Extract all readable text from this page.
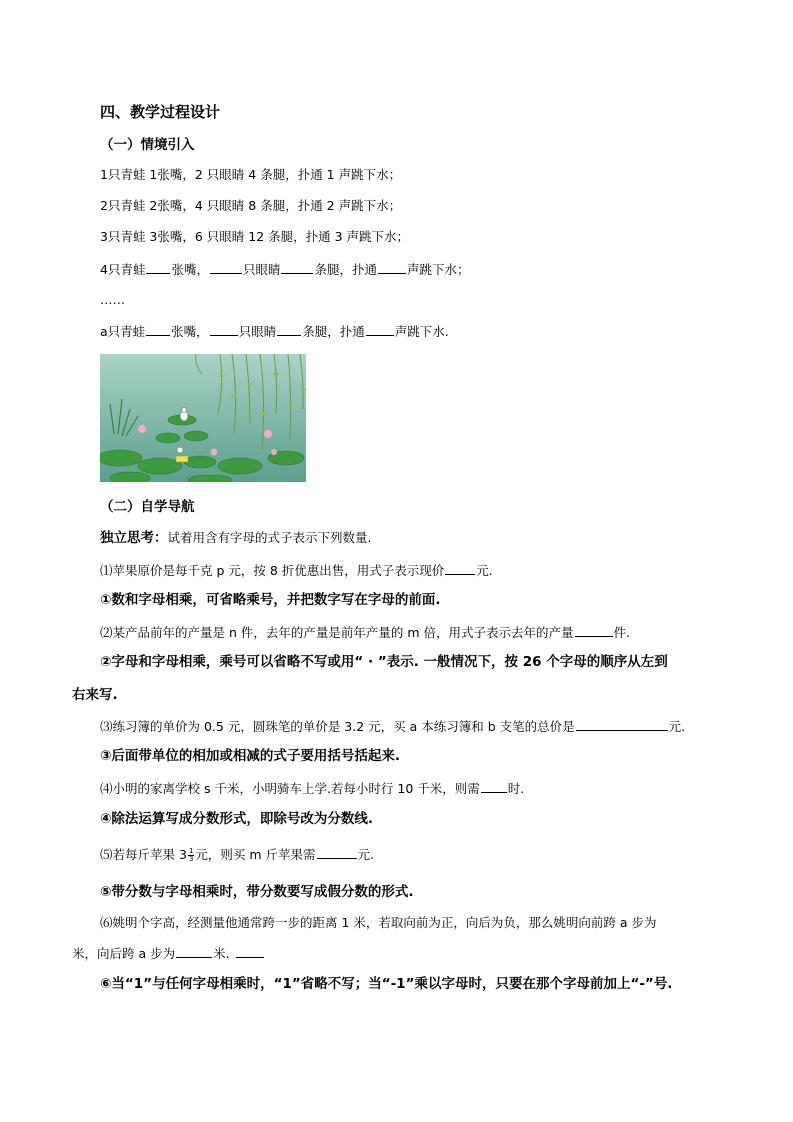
四、教学过程设计
（一）情境引入
1只青蛙 1张嘴，2 只眼睛 4 条腿，扑通 1 声跳下水；
2只青蛙 2张嘴，4 只眼睛 8 条腿，扑通 2 声跳下水；
3只青蛙 3张嘴，6 只眼睛 12 条腿，扑通 3 声跳下水；
4只青蛙 张嘴，	只眼睛	条腿，扑通 声跳下水；
……
a只青蛙 张嘴， 只眼睛 条腿，扑通 声跳下水.
（二）自学导航
独立思考：试着用含有字母的式子表示下列数量.
⑴苹果原价是每千克 p 元，按 8 折优惠出售，用式子表示现价	元.
①数和字母相乘，可省略乘号，并把数字写在字母的前面.
⑵某产品前年的产量是 n 件，去年的产量是前年产量的 m 倍，用式子表示去年的产量	件.
②字母和字母相乘，乘号可以省略不写或用“ · ”表示. 一般情况下，按 26 个字母的顺序从左到
右来写.
⑶练习簿的单价为 0.5 元，圆珠笔的单价是 3.2 元，买 a 本练习簿和 b 支笔的总价是	元.
③后面带单位的相加或相减的式子要用括号括起来.
⑷小明的家离学校 s 千米，小明骑车上学.若每小时行 10 千米，则需 时.
④除法运算写成分数形式，即除号改为分数线.
⑸若每斤苹果 $3 \frac{1}{3}$ 元，则买 m 斤苹果需	元.
⑤带分数与字母相乘时，带分数要写成假分数的形式.
⑹姚明个字高，经测量他通常跨一步的距离 1 米，若取向前为正，向后为负，那么姚明向前跨 a 步为
米，向后跨 a 步为	米.
⑥当“1”与任何字母相乘时，“1”省略不写；当“-1”乘以字母时，只要在那个字母前加上“-”号.
